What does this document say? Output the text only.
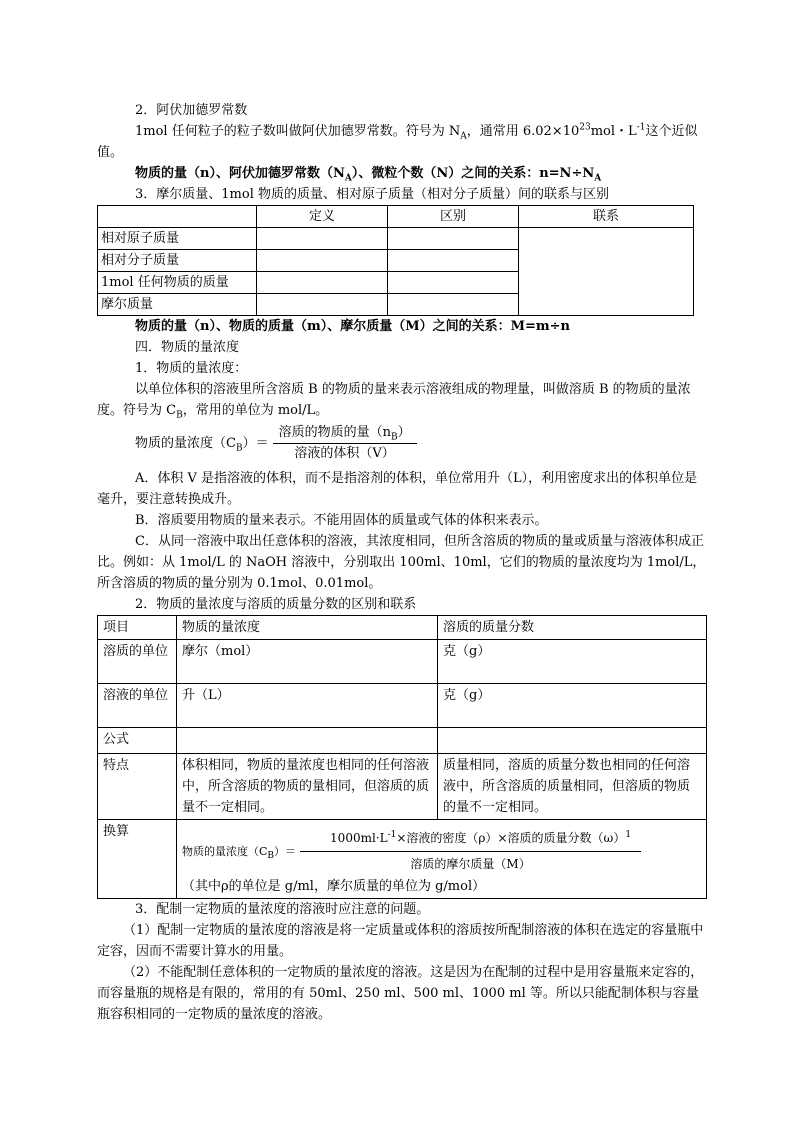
2．阿伏加德罗常数

1mol 任何粒子的粒子数叫做阿伏加德罗常数。符号为 $N_A$，通常用 $6.02\times 10^{23}mol$・$L^{-1}$这个近似值。

物质的量（n）、阿伏加德罗常数$(N_A)$、微粒个数（N）之间的关系：$n=N\div N_A$

3．摩尔质量、1mol 物质的质量、相对原子质量（相对分子质量）间的联系与区别

	定义	区别	联系
相对原子质量			
相对分子质量			
1mol 任何物质的质量			
摩尔质量			

物质的量（n）、物质的质量（m）、摩尔质量（M）之间的关系：M=m÷n

四．物质的量浓度

1．物质的量浓度：

以单位体积的溶液里所含溶质 B 的物质的量来表示溶液组成的物理量，叫做溶质 B 的物质的量浓度。符号为 $C_B$，常用的单位为 mol/L。

物质的量浓度$(C_B)= \frac{溶质的物质的量(n_B)}{\text{溶液的体积（V）}}$

A．体积 V 是指溶液的体积，而不是指溶剂的体积，单位常用升（L），利用密度求出的体积单位是毫升，要注意转换成升。

B．溶质要用物质的量来表示。不能用固体的质量或气体的体积来表示。

C．从同一溶液中取出任意体积的溶液，其浓度相同，但所含溶质的物质的量或质量与溶液体积成正比。例如：从 1mol/L 的 NaOH 溶液中，分别取出 100ml、10ml，它们的物质的量浓度均为 1mol/L，所含溶质的物质的量分别为 0.1mol、0.01mol。

2．物质的量浓度与溶质的质量分数的区别和联系

项目	物质的量浓度	溶质的质量分数
溶质的单位	摩尔（mol）	克（g）
溶液的单位	升（L）	克（g）
公式		
特点	体积相同，物质的量浓度也相同的任何溶液中，所含溶质的物质的量相同，但溶质的质量不一定相同。	质量相同，溶质的质量分数也相同的任何溶液中，所含溶质的质量相同，但溶质的物质的量不一定相同。
换算	物质的量浓度$(C_B)= \frac{1000ml\cdot L^{-1}\times 溶液的密度(\rho)\times 溶质的质量分数(\omega)^1}{\text{溶质的摩尔质量（M）}}$
（其中ρ的单位是 g/ml，摩尔质量的单位为 g/mol）	

3．配制一定物质的量浓度的溶液时应注意的问题。

（1）配制一定物质的量浓度的溶液是将一定质量或体积的溶质按所配制溶液的体积在选定的容量瓶中定容，因而不需要计算水的用量。

（2）不能配制任意体积的一定物质的量浓度的溶液。这是因为在配制的过程中是用容量瓶来定容的，而容量瓶的规格是有限的，常用的有 50ml、250 ml、500 ml、1000 ml 等。所以只能配制体积与容量瓶容积相同的一定物质的量浓度的溶液。
